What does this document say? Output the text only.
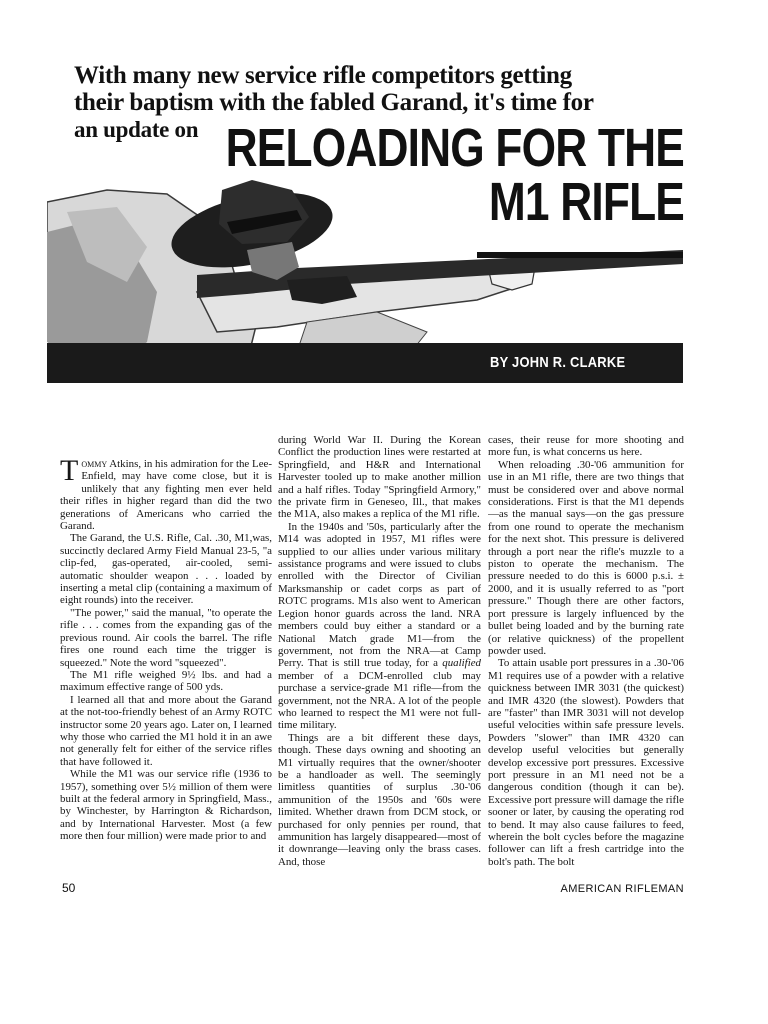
With many new service rifle competitors getting
their baptism with the fabled Garand, it's time for
an update on RELOADING FOR THE
M1 RIFLE
BY JOHN R. CLARKE

Tommy Atkins, in his admiration for the Lee-Enfield, may have come close, but it is unlikely that any fighting men ever held their rifles in higher regard than did the two generations of Americans who carried the Garand.

The Garand, the U.S. Rifle, Cal. .30, M1,was, succinctly declared Army Field Manual 23-5, "a clip-fed, gas-operated, air-cooled, semi-automatic shoulder weapon . . . loaded by inserting a metal clip (containing a maximum of eight rounds) into the receiver.

"The power," said the manual, "to operate the rifle . . . comes from the expanding gas of the previous round. Air cools the barrel. The rifle fires one round each time the trigger is squeezed." Note the word "squeezed".

The M1 rifle weighed 9½ lbs. and had a maximum effective range of 500 yds.

I learned all that and more about the Garand at the not-too-friendly behest of an Army ROTC instructor some 20 years ago. Later on, I learned why those who carried the M1 hold it in an awe not generally felt for either of the service rifles that have followed it.

While the M1 was our service rifle (1936 to 1957), something over 5½ million of them were built at the federal armory in Springfield, Mass., by Winchester, by Harrington & Richardson, and by International Harvester. Most (a few more then four million) were made prior to and

during World War II. During the Korean Conflict the production lines were restarted at Springfield, and H&R and International Harvester tooled up to make another million and a half rifles. Today "Springfield Armory," the private firm in Geneseo, Ill., that makes the M1A, also makes a replica of the M1 rifle.

In the 1940s and '50s, particularly after the M14 was adopted in 1957, M1 rifles were supplied to our allies under various military assistance programs and were issued to clubs enrolled with the Director of Civilian Marksmanship or cadet corps as part of ROTC programs. M1s also went to American Legion honor guards across the land. NRA members could buy either a standard or a National Match grade M1—from the government, not from the NRA—at Camp Perry. That is still true today, for a qualified member of a DCM-enrolled club may purchase a service-grade M1 rifle—from the government, not the NRA. A lot of the people who learned to respect the M1 were not full-time military.

Things are a bit different these days, though. These days owning and shooting an M1 virtually requires that the owner/shooter be a handloader as well. The seemingly limitless quantities of surplus .30-'06 ammunition of the 1950s and '60s were limited. Whether drawn from DCM stock, or purchased for only pennies per round, that ammunition has largely disappeared—most of it downrange—leaving only the brass cases. And, those

cases, their reuse for more shooting and more fun, is what concerns us here.

When reloading .30-'06 ammunition for use in an M1 rifle, there are two things that must be considered over and above normal considerations. First is that the M1 depends—as the manual says—on the gas pressure from one round to operate the mechanism for the next shot. This pressure is delivered through a port near the rifle's muzzle to a piston to operate the mechanism. The pressure needed to do this is 6000 p.s.i. ± 2000, and it is usually referred to as "port pressure." Though there are other factors, port pressure is largely influenced by the bullet being loaded and by the burning rate (or relative quickness) of the propellent powder used.

To attain usable port pressures in a .30-'06 M1 requires use of a powder with a relative quickness between IMR 3031 (the quickest) and IMR 4320 (the slowest). Powders that are "faster" than IMR 3031 will not develop useful velocities within safe pressure levels. Powders "slower" than IMR 4320 can develop useful velocities but generally develop excessive port pressures. Excessive port pressure in an M1 need not be a dangerous condition (though it can be). Excessive port pressure will damage the rifle sooner or later, by causing the operating rod to bend. It may also cause failures to feed, wherein the bolt cycles before the magazine follower can lift a fresh cartridge into the bolt's path. The bolt

50	AMERICAN RIFLEMAN
